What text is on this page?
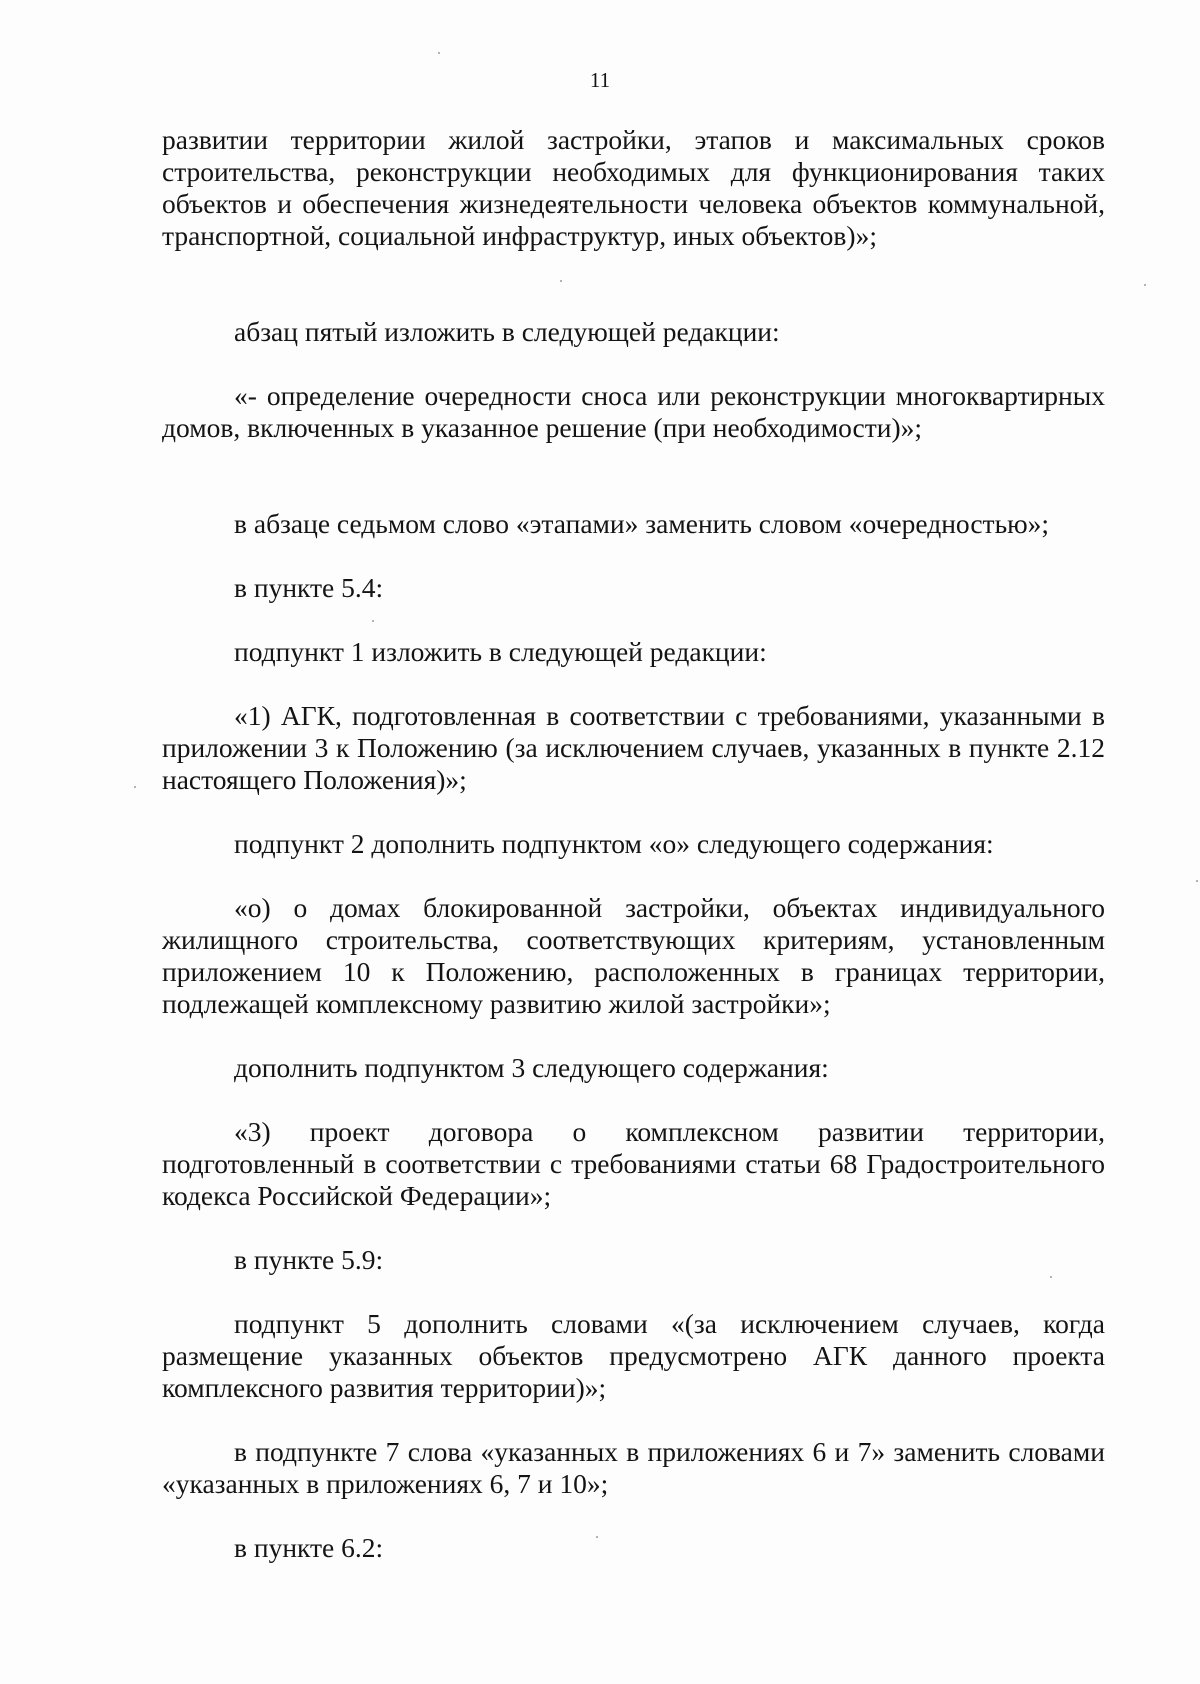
11

развитии территории жилой застройки, этапов и максимальных сроков строительства, реконструкции необходимых для функционирования таких объектов и обеспечения жизнедеятельности человека объектов коммунальной, транспортной, социальной инфраструктур, иных объектов)»;

абзац пятый изложить в следующей редакции:

«- определение очередности сноса или реконструкции многоквартирных домов, включенных в указанное решение (при необходимости)»;

в абзаце седьмом слово «этапами» заменить словом «очередностью»;

в пункте 5.4:

подпункт 1 изложить в следующей редакции:

«1) АГК, подготовленная в соответствии с требованиями, указанными в приложении 3 к Положению (за исключением случаев, указанных в пункте 2.12 настоящего Положения)»;

подпункт 2 дополнить подпунктом «о» следующего содержания:

«о) о домах блокированной застройки, объектах индивидуального жилищного строительства, соответствующих критериям, установленным приложением 10 к Положению, расположенных в границах территории, подлежащей комплексному развитию жилой застройки»;

дополнить подпунктом 3 следующего содержания:

«3) проект договора о комплексном развитии территории, подготовленный в соответствии с требованиями статьи 68 Градостроительного кодекса Российской Федерации»;

в пункте 5.9:

подпункт 5 дополнить словами «(за исключением случаев, когда размещение указанных объектов предусмотрено АГК данного проекта комплексного развития территории)»;

в подпункте 7 слова «указанных в приложениях 6 и 7» заменить словами «указанных в приложениях 6, 7 и 10»;

в пункте 6.2:
